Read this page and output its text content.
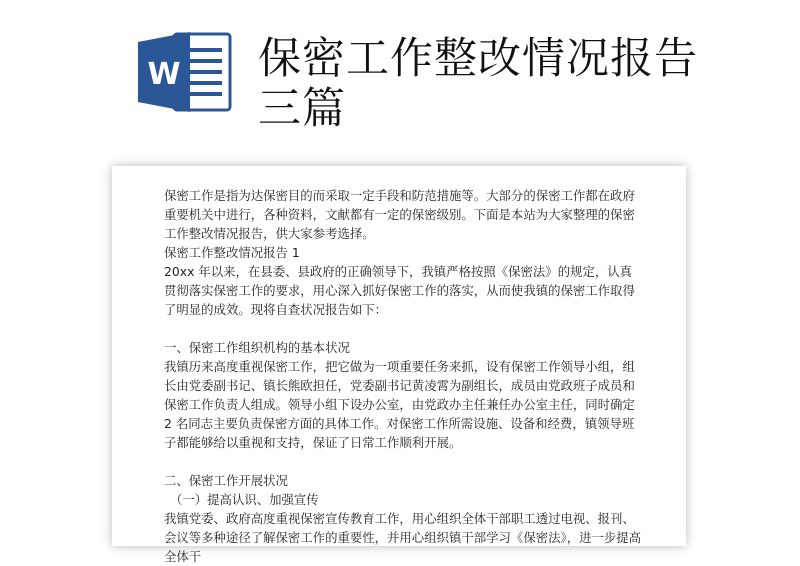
W 保密工作整改情况报告三篇

保密工作是指为达保密目的而采取一定手段和防范措施等。大部分的保密工作都在政府重要机关中进行，各种资料，文献都有一定的保密级别。下面是本站为大家整理的保密工作整改情况报告，供大家参考选择。

保密工作整改情况报告 1

20xx 年以来，在县委、县政府的正确领导下，我镇严格按照《保密法》的规定，认真贯彻落实保密工作的要求，用心深入抓好保密工作的落实，从而使我镇的保密工作取得了明显的成效。现将自查状况报告如下：

一、保密工作组织机构的基本状况

我镇历来高度重视保密工作，把它做为一项重要任务来抓，设有保密工作领导小组，组长由党委副书记、镇长熊欧担任，党委副书记黄凌霄为副组长，成员由党政班子成员和保密工作负责人组成。领导小组下设办公室，由党政办主任兼任办公室主任，同时确定 2 名同志主要负责保密方面的具体工作。对保密工作所需设施、设备和经费，镇领导班子都能够给以重视和支持，保证了日常工作顺利开展。

二、保密工作开展状况

（一）提高认识、加强宣传

我镇党委、政府高度重视保密宣传教育工作，用心组织全体干部职工透过电视、报刊、会议等多种途径了解保密工作的重要性，并用心组织镇干部学习《保密法》，进一步提高全体干
